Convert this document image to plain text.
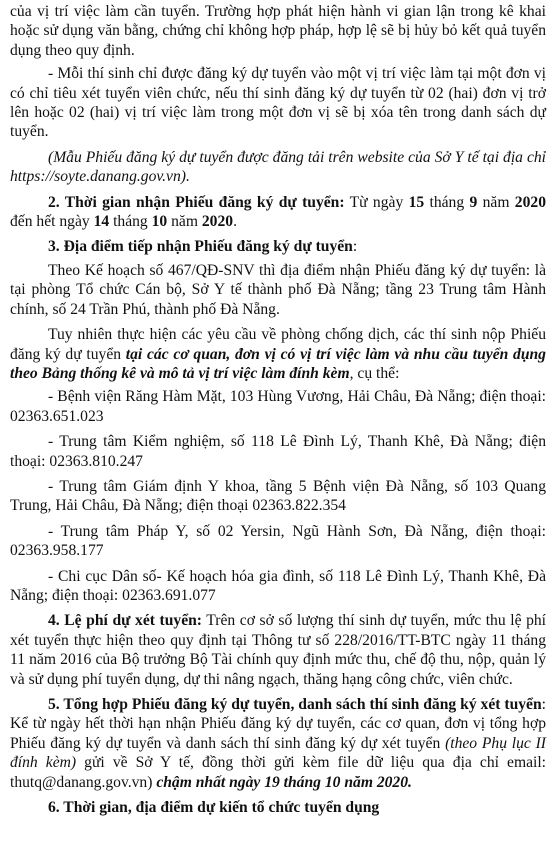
của vị trí việc làm cần tuyển. Trường hợp phát hiện hành vi gian lận trong kê khai hoặc sử dụng văn bằng, chứng chỉ không hợp pháp, hợp lệ sẽ bị hủy bỏ kết quả tuyển dụng theo quy định.

- Mỗi thí sinh chỉ được đăng ký dự tuyển vào một vị trí việc làm tại một đơn vị có chỉ tiêu xét tuyển viên chức, nếu thí sinh đăng ký dự tuyển từ 02 (hai) đơn vị trở lên hoặc 02 (hai) vị trí việc làm trong một đơn vị sẽ bị xóa tên trong danh sách dự tuyển.

(Mẫu Phiếu đăng ký dự tuyển được đăng tải trên website của Sở Y tế tại địa chỉ https://soyte.danang.gov.vn).

2. Thời gian nhận Phiếu đăng ký dự tuyển: Từ ngày 15 tháng 9 năm 2020 đến hết ngày 14 tháng 10 năm 2020.

3. Địa điểm tiếp nhận Phiếu đăng ký dự tuyển:

Theo Kế hoạch số 467/QĐ-SNV thì địa điểm nhận Phiếu đăng ký dự tuyển: là tại phòng Tổ chức Cán bộ, Sở Y tế thành phố Đà Nẵng; tầng 23 Trung tâm Hành chính, số 24 Trần Phú, thành phố Đà Nẵng.

Tuy nhiên thực hiện các yêu cầu về phòng chống dịch, các thí sinh nộp Phiếu đăng ký dự tuyển tại các cơ quan, đơn vị có vị trí việc làm và nhu cầu tuyển dụng theo Bảng thống kê và mô tả vị trí việc làm đính kèm, cụ thể:

- Bệnh viện Răng Hàm Mặt, 103 Hùng Vương, Hải Châu, Đà Nẵng; điện thoại: 02363.651.023

- Trung tâm Kiểm nghiệm, số 118 Lê Đình Lý, Thanh Khê, Đà Nẵng; điện thoại: 02363.810.247

- Trung tâm Giám định Y khoa, tầng 5 Bệnh viện Đà Nẵng, số 103 Quang Trung, Hải Châu, Đà Nẵng; điện thoại 02363.822.354

- Trung tâm Pháp Y, số 02 Yersin, Ngũ Hành Sơn, Đà Nẵng, điện thoại: 02363.958.177

- Chi cục Dân số- Kế hoạch hóa gia đình, số 118 Lê Đình Lý, Thanh Khê, Đà Nẵng; điện thoại: 02363.691.077

4. Lệ phí dự xét tuyển: Trên cơ sở số lượng thí sinh dự tuyển, mức thu lệ phí xét tuyển thực hiện theo quy định tại Thông tư số 228/2016/TT-BTC ngày 11 tháng 11 năm 2016 của Bộ trưởng Bộ Tài chính quy định mức thu, chế độ thu, nộp, quản lý và sử dụng phí tuyển dụng, dự thi nâng ngạch, thăng hạng công chức, viên chức.

5. Tổng hợp Phiếu đăng ký dự tuyển, danh sách thí sinh đăng ký xét tuyển: Kể từ ngày hết thời hạn nhận Phiếu đăng ký dự tuyển, các cơ quan, đơn vị tổng hợp Phiếu đăng ký dự tuyển và danh sách thí sinh đăng ký dự xét tuyển (theo Phụ lục II đính kèm) gửi về Sở Y tế, đồng thời gửi kèm file dữ liệu qua địa chỉ email: thutq@danang.gov.vn) chậm nhất ngày 19 tháng 10 năm 2020.

6. Thời gian, địa điểm dự kiến tổ chức tuyển dụng
